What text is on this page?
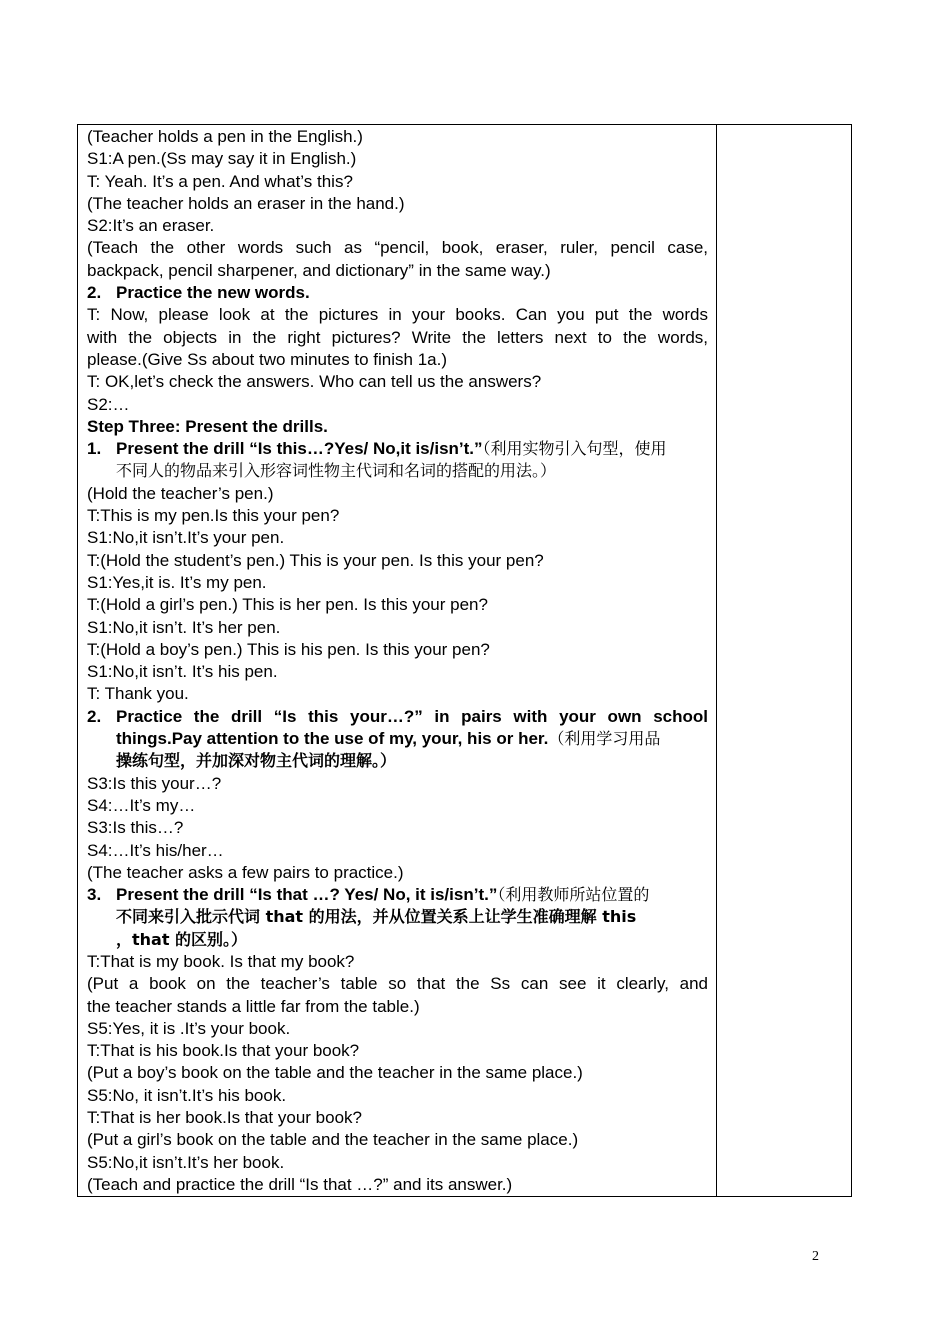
(Teacher holds a pen in the English.)
S1:A pen.(Ss may say it in English.)
T: Yeah. It’s a pen. And what’s this?
(The teacher holds an eraser in the hand.)
S2:It’s an eraser.
(Teach the other words such as “pencil, book, eraser, ruler, pencil case,
backpack, pencil sharpener, and dictionary” in the same way.)
2. Practice the new words.
T: Now, please look at the pictures in your books. Can you put the words
with the objects in the right pictures? Write the letters next to the words,
please.(Give Ss about two minutes to finish 1a.)
T: OK,let’s check the answers. Who can tell us the answers?
S2:…
Step Three: Present the drills.
1. Present the drill “Is this…?Yes/ No,it is/isn’t.”（利用实物引入句型，使用
不同人的物品来引入形容词性物主代词和名词的搭配的用法。）
(Hold the teacher’s pen.)
T:This is my pen.Is this your pen?
S1:No,it isn’t.It’s your pen.
T:(Hold the student’s pen.) This is your pen. Is this your pen?
S1:Yes,it is. It’s my pen.
T:(Hold a girl’s pen.) This is her pen. Is this your pen?
S1:No,it isn’t. It’s her pen.
T:(Hold a boy’s pen.) This is his pen. Is this your pen?
S1:No,it isn’t. It’s his pen.
T: Thank you.
2. Practice the drill “Is this your…?” in pairs with your own school
things.Pay attention to the use of my, your, his or her.（利用学习用品
操练句型，并加深对物主代词的理解。）
S3:Is this your…?
S4:…It’s my…
S3:Is this…?
S4:…It’s his/her…
(The teacher asks a few pairs to practice.)
3. Present the drill “Is that …? Yes/ No, it is/isn’t.”（利用教师所站位置的
不同来引入批示代词 that 的用法，并从位置关系上让学生准确理解 this
，that 的区别。）
T:That is my book. Is that my book?
(Put a book on the teacher’s table so that the Ss can see it clearly, and
the teacher stands a little far from the table.)
S5:Yes, it is .It’s your book.
T:That is his book.Is that your book?
(Put a boy’s book on the table and the teacher in the same place.)
S5:No, it isn’t.It’s his book.
T:That is her book.Is that your book?
(Put a girl’s book on the table and the teacher in the same place.)
S5:No,it isn’t.It’s her book.
(Teach and practice the drill “Is that …?” and its answer.)
2
